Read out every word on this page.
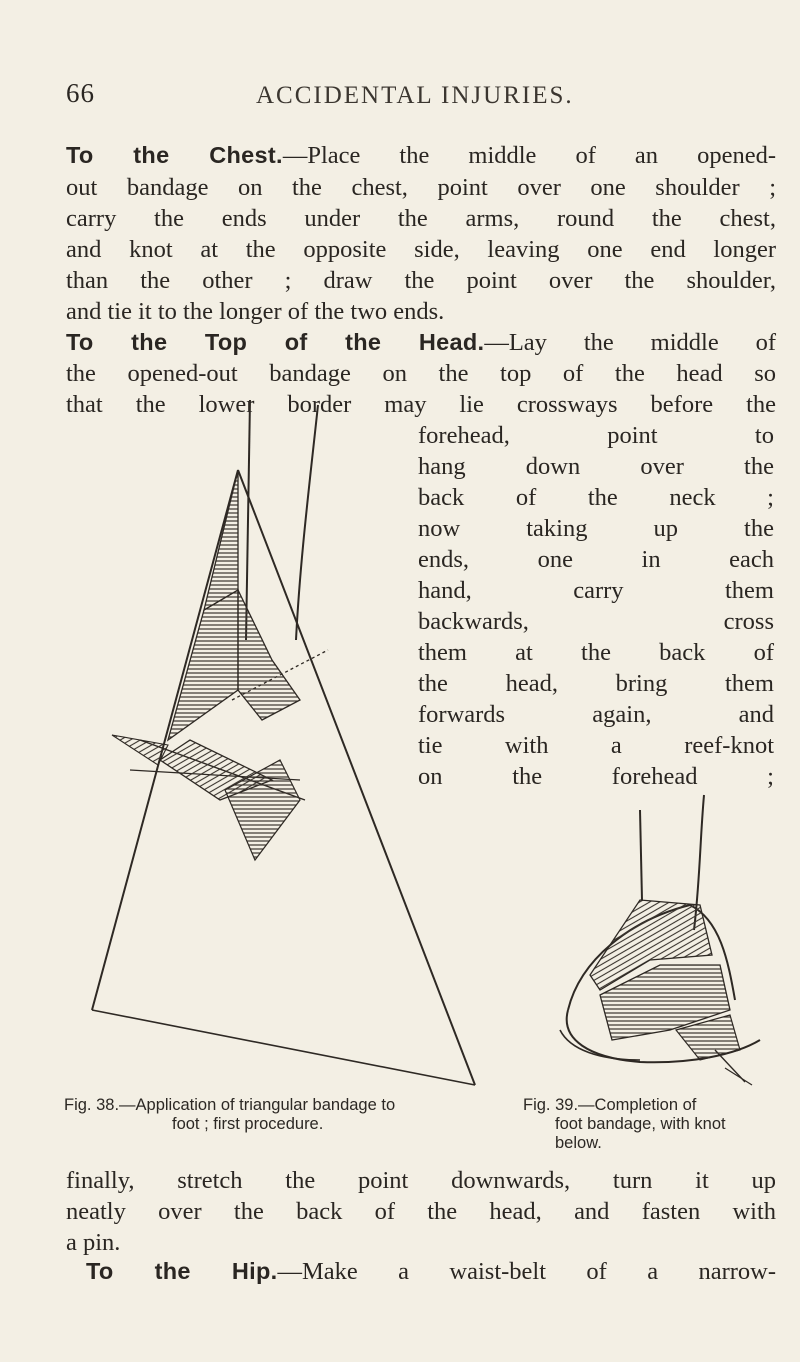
66	ACCIDENTAL INJURIES.
To the Chest.—Place the middle of an opened-
out bandage on the chest, point over one shoulder ;
carry the ends under the arms, round the chest,
and knot at the opposite side, leaving one end longer
than the other ; draw the point over the shoulder,
and tie it to the longer of the two ends.
To the Top of the Head.—Lay the middle of
the opened-out bandage on the top of the head so
that the lower border may lie crossways before the
forehead, point to
hang down over the
back of the neck ;
now taking up the
ends, one in each
hand, carry them
backwards, cross
them at the back of
the head, bring them
forwards again, and
tie with a reef-knot
on the forehead ;
Fig. 38.—Application of triangular bandage to
foot ; first procedure.
Fig. 39.—Completion of
foot bandage, with knot
below.
finally, stretch the point downwards, turn it up
neatly over the back of the head, and fasten with
a pin.
To the Hip.—Make a waist-belt of a narrow-
